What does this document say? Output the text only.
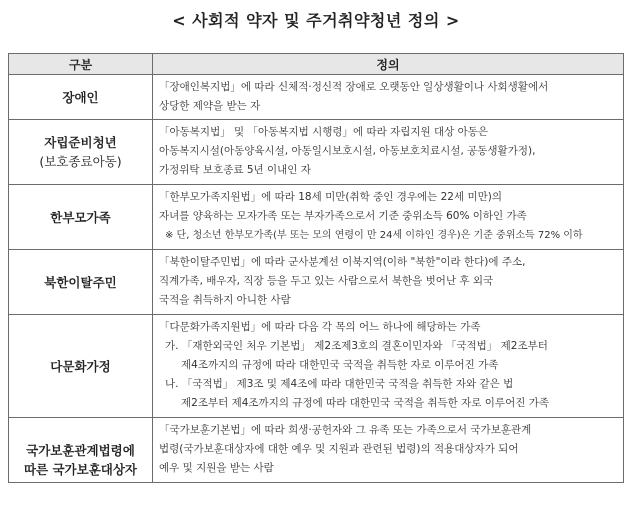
< 사회적 약자 및 주거취약청년 정의 >
구분	정의
장애인	「장애인복지법」에 따라 신체적·정신적 장애로 오랫동안 일상생활이나 사회생활에서
상당한 제약을 받는 자

자립준비청년
(보호종료아동)	「아동복지법」 및 「아동복지법 시행령」에 따라 자립지원 대상 아동은
아동복지시설(아동양육시설, 아동일시보호시설, 아동보호치료시설, 공동생활가정),
가정위탁 보호종료 5년 이내인 자

한부모가족	「한부모가족지원법」에 따라 18세 미만(취학 중인 경우에는 22세 미만)의
자녀를 양육하는 모자가족 또는 부자가족으로서 기준 중위소득 60% 이하인 가족
※ 단, 청소년 한부모가족(부 또는 모의 연령이 만 24세 이하인 경우)은 기준 중위소득 72% 이하

북한이탈주민	「북한이탈주민법」에 따라 군사분계선 이북지역(이하 "북한"이라 한다)에 주소,
직계가족, 배우자, 직장 등을 두고 있는 사람으로서 북한을 벗어난 후 외국
국적을 취득하지 아니한 사람

다문화가정	「다문화가족지원법」에 따라 다음 각 목의 어느 하나에 해당하는 가족
가. 「재한외국인 처우 기본법」 제2조제3호의 결혼이민자와 「국적법」 제2조부터
제4조까지의 규정에 따라 대한민국 국적을 취득한 자로 이루어진 가족
나. 「국적법」 제3조 및 제4조에 따라 대한민국 국적을 취득한 자와 같은 법
제2조부터 제4조까지의 규정에 따라 대한민국 국적을 취득한 자로 이루어진 가족

국가보훈관계법령에
따른 국가보훈대상자	「국가보훈기본법」에 따라 희생·공헌자와 그 유족 또는 가족으로서 국가보훈관계
법령(국가보훈대상자에 대한 예우 및 지원과 관련된 법령)의 적용대상자가 되어
예우 및 지원을 받는 사람
